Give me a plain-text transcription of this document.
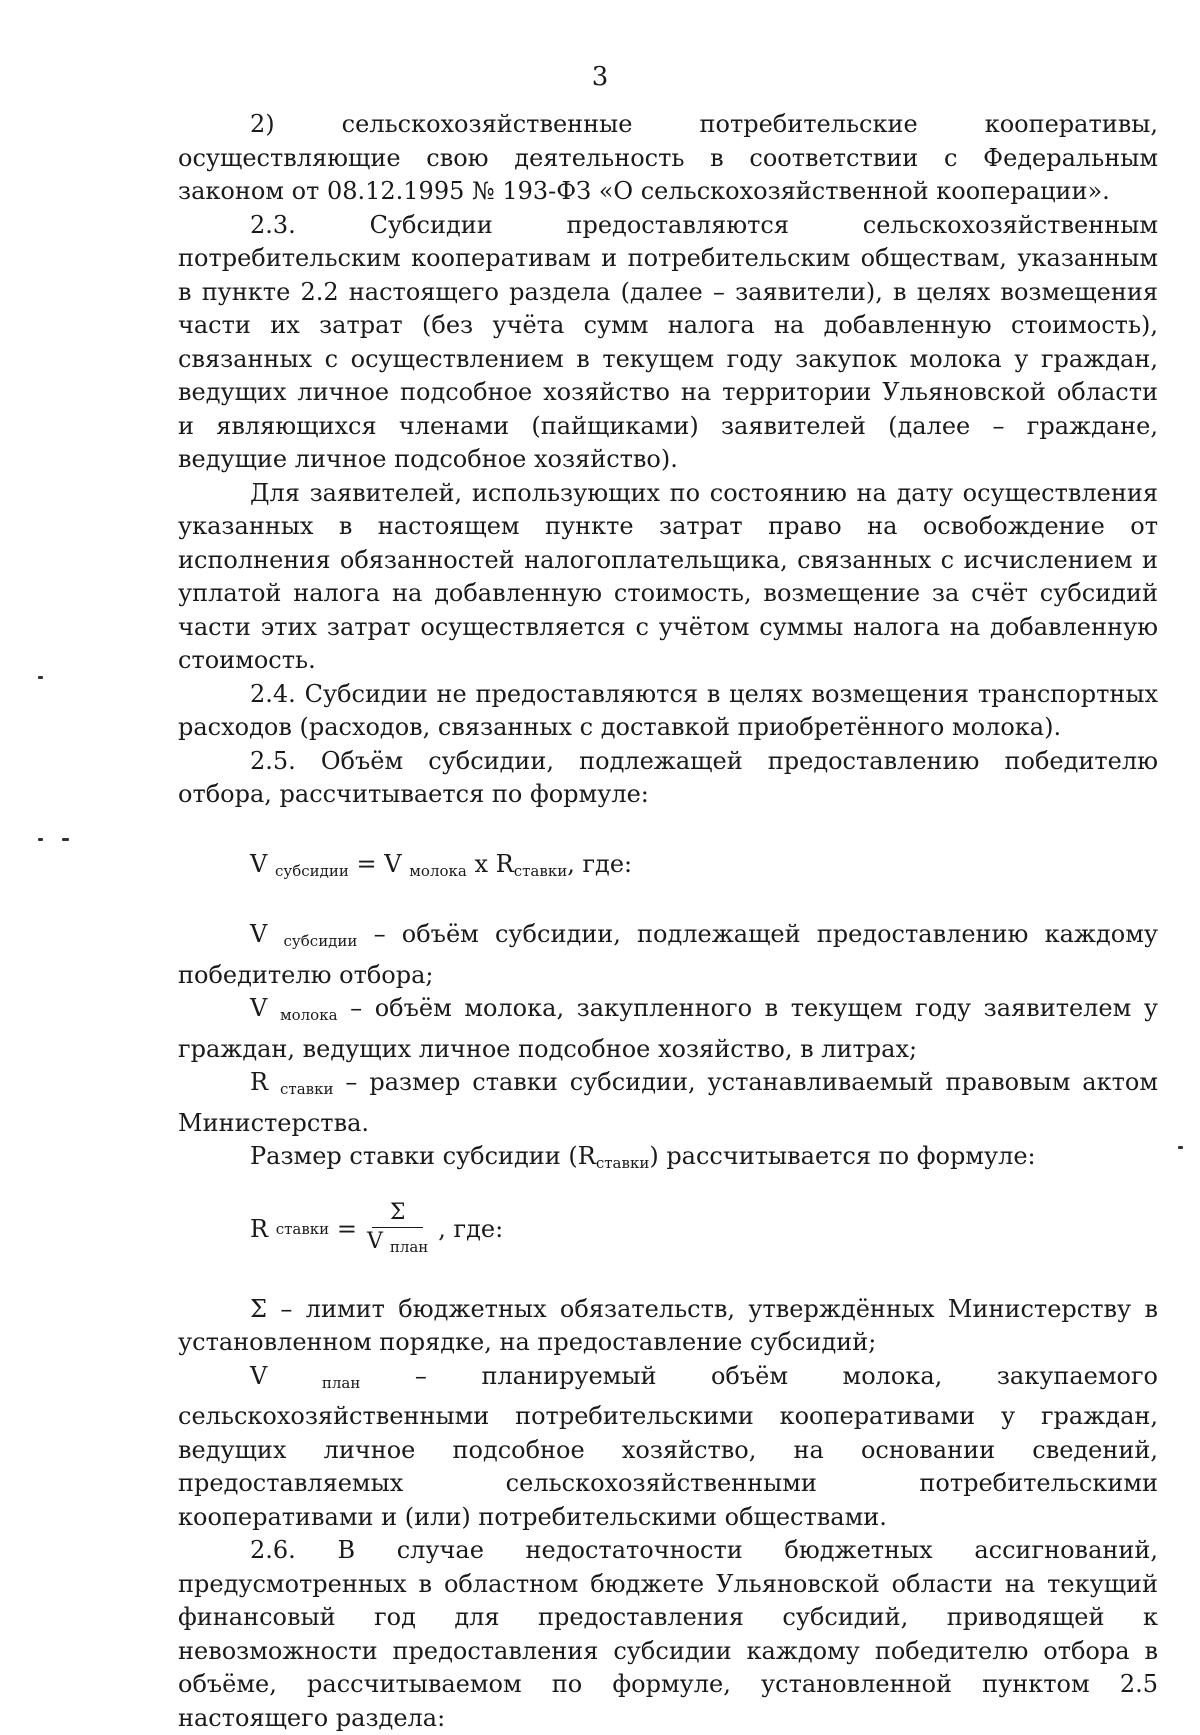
3

2) сельскохозяйственные потребительские кооперативы, осуществляющие свою деятельность в соответствии с Федеральным законом от 08.12.1995 № 193-ФЗ «О сельскохозяйственной кооперации».

2.3. Субсидии предоставляются сельскохозяйственным потребительским кооперативам и потребительским обществам, указанным в пункте 2.2 настоящего раздела (далее – заявители), в целях возмещения части их затрат (без учёта сумм налога на добавленную стоимость), связанных с осуществлением в текущем году закупок молока у граждан, ведущих личное подсобное хозяйство на территории Ульяновской области и являющихся членами (пайщиками) заявителей (далее – граждане, ведущие личное подсобное хозяйство).

Для заявителей, использующих по состоянию на дату осуществления указанных в настоящем пункте затрат право на освобождение от исполнения обязанностей налогоплательщика, связанных с исчислением и уплатой налога на добавленную стоимость, возмещение за счёт субсидий части этих затрат осуществляется с учётом суммы налога на добавленную стоимость.

2.4. Субсидии не предоставляются в целях возмещения транспортных расходов (расходов, связанных с доставкой приобретённого молока).

2.5. Объём субсидии, подлежащей предоставлению победителю отбора, рассчитывается по формуле:

V $_{субсидии}$ = V $_{молока}$ x $R_{ставки}$, где:

V $_{субсидии}$ – объём субсидии, подлежащей предоставлению каждому победителю отбора;

V $_{молока}$ – объём молока, закупленного в текущем году заявителем у граждан, ведущих личное подсобное хозяйство, в литрах;

R $_{ставки}$ – размер ставки субсидии, устанавливаемый правовым актом Министерства.

Размер ставки субсидии $(R_{ставки})$ рассчитывается по формуле:

R
ставки
= $\frac{\Sigma}{V _{план}}$ , где:

Σ – лимит бюджетных обязательств, утверждённых Министерству в установленном порядке, на предоставление субсидий;

V	$_{план}$ – планируемый объём молока, закупаемого сельскохозяйственными потребительскими кооперативами у граждан, ведущих личное подсобное хозяйство, на основании сведений, предоставляемых сельскохозяйственными потребительскими кооперативами и (или) потребительскими обществами.

2.6. В случае недостаточности бюджетных ассигнований, предусмотренных в областном бюджете Ульяновской области на текущий финансовый год для предоставления субсидий, приводящей к невозможности предоставления субсидии каждому победителю отбора в объёме, рассчитываемом по формуле, установленной пунктом 2.5 настоящего раздела:
